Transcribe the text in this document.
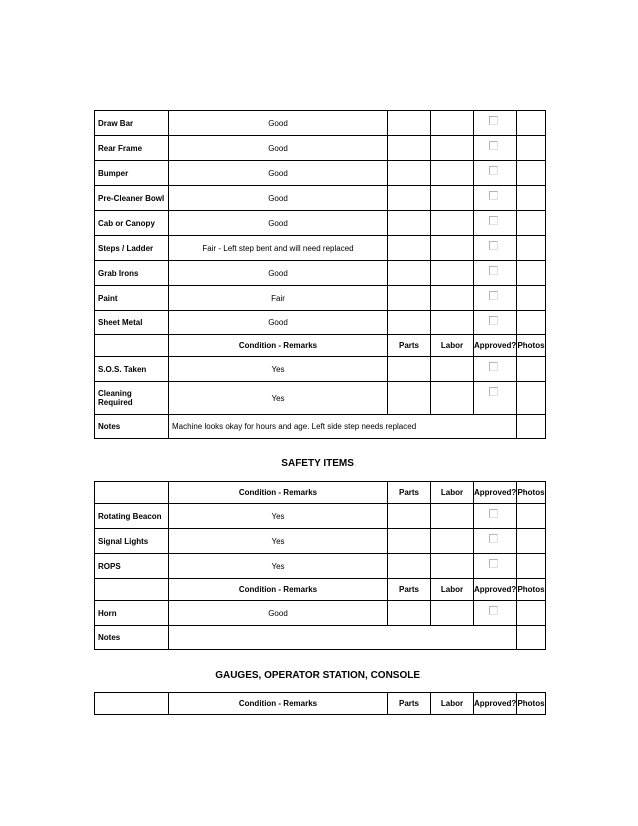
Draw Bar	Good			

Rear Frame	Good			

Bumper	Good			

Pre-Cleaner Bowl	Good			

Cab or Canopy	Good			

Steps / Ladder	Fair - Left step bent and will need replaced			

Grab Irons	Good			

Paint	Fair			

Sheet Metal	Good			

	Condition - Remarks	Parts	Labor	Approved?	Photos
S.O.S. Taken	Yes			

Cleaning Required	Yes			

Notes	Machine looks okay for hours and age. Left side step needs replaced				
SAFETY ITEMS.
	Condition - Remarks	Parts	Labor	Approved?	Photos
Rotating Beacon	Yes			

Signal Lights	Yes			

ROPS	Yes			

	Condition - Remarks	Parts	Labor	Approved?	Photos
Horn	Good			

Notes					
GAUGES, OPERATOR STATION, CONSOLE.
	Condition - Remarks	Parts	Labor	Approved?	Photos
